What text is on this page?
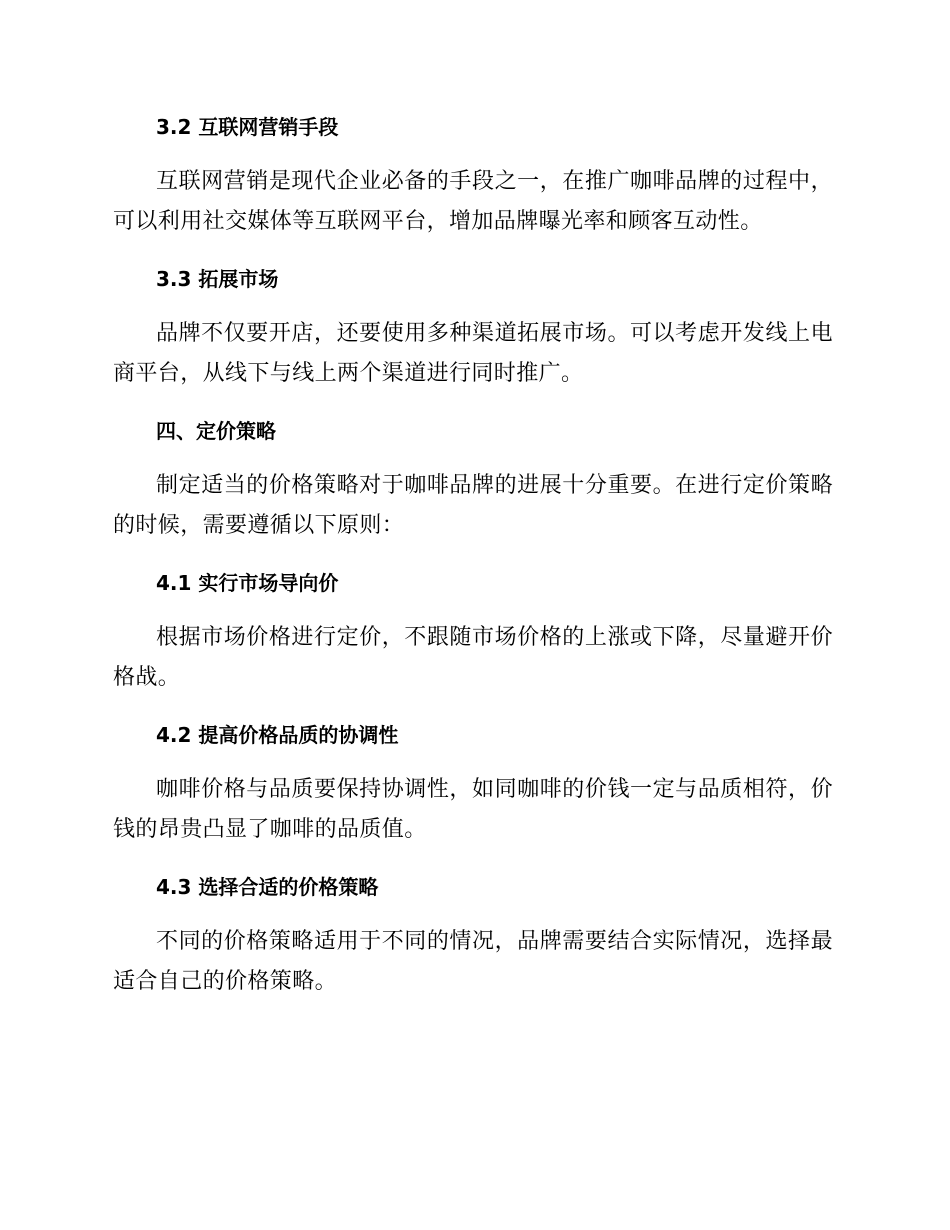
3.2 互联网营销手段

互联网营销是现代企业必备的手段之一，在推广咖啡品牌的过程中，可以利用社交媒体等互联网平台，增加品牌曝光率和顾客互动性。

3.3 拓展市场

品牌不仅要开店，还要使用多种渠道拓展市场。可以考虑开发线上电商平台，从线下与线上两个渠道进行同时推广。

四、定价策略

制定适当的价格策略对于咖啡品牌的进展十分重要。在进行定价策略的时候，需要遵循以下原则：

4.1 实行市场导向价

根据市场价格进行定价，不跟随市场价格的上涨或下降，尽量避开价格战。

4.2 提高价格品质的协调性

咖啡价格与品质要保持协调性，如同咖啡的价钱一定与品质相符，价钱的昂贵凸显了咖啡的品质值。

4.3 选择合适的价格策略

不同的价格策略适用于不同的情况，品牌需要结合实际情况，选择最适合自己的价格策略。
